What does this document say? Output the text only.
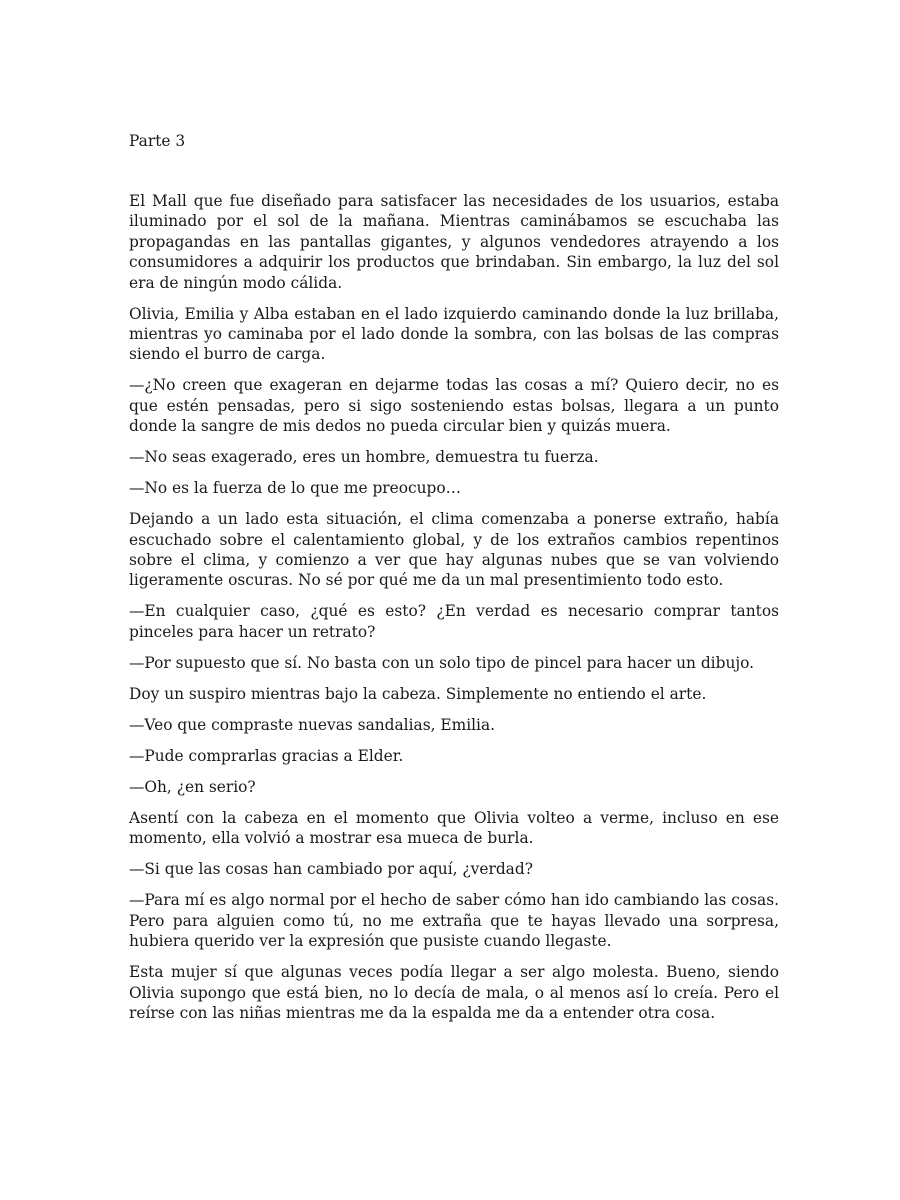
Parte 3

El Mall que fue diseñado para satisfacer las necesidades de los usuarios, estaba iluminado por el sol de la mañana. Mientras caminábamos se escuchaba las propagandas en las pantallas gigantes, y algunos vendedores atrayendo a los consumidores a adquirir los productos que brindaban. Sin embargo, la luz del sol era de ningún modo cálida.

Olivia, Emilia y Alba estaban en el lado izquierdo caminando donde la luz brillaba, mientras yo caminaba por el lado donde la sombra, con las bolsas de las compras siendo el burro de carga.

—¿No creen que exageran en dejarme todas las cosas a mí? Quiero decir, no es que estén pensadas, pero si sigo sosteniendo estas bolsas, llegara a un punto donde la sangre de mis dedos no pueda circular bien y quizás muera.

—No seas exagerado, eres un hombre, demuestra tu fuerza.

—No es la fuerza de lo que me preocupo…

Dejando a un lado esta situación, el clima comenzaba a ponerse extraño, había escuchado sobre el calentamiento global, y de los extraños cambios repentinos sobre el clima, y comienzo a ver que hay algunas nubes que se van volviendo ligeramente oscuras. No sé por qué me da un mal presentimiento todo esto.

—En cualquier caso, ¿qué es esto? ¿En verdad es necesario comprar tantos pinceles para hacer un retrato?

—Por supuesto que sí. No basta con un solo tipo de pincel para hacer un dibujo.

Doy un suspiro mientras bajo la cabeza. Simplemente no entiendo el arte.

—Veo que compraste nuevas sandalias, Emilia.

—Pude comprarlas gracias a Elder.

—Oh, ¿en serio?

Asentí con la cabeza en el momento que Olivia volteo a verme, incluso en ese momento, ella volvió a mostrar esa mueca de burla.

—Si que las cosas han cambiado por aquí, ¿verdad?

—Para mí es algo normal por el hecho de saber cómo han ido cambiando las cosas. Pero para alguien como tú, no me extraña que te hayas llevado una sorpresa, hubiera querido ver la expresión que pusiste cuando llegaste.

Esta mujer sí que algunas veces podía llegar a ser algo molesta. Bueno, siendo Olivia supongo que está bien, no lo decía de mala, o al menos así lo creía. Pero el reírse con las niñas mientras me da la espalda me da a entender otra cosa.
